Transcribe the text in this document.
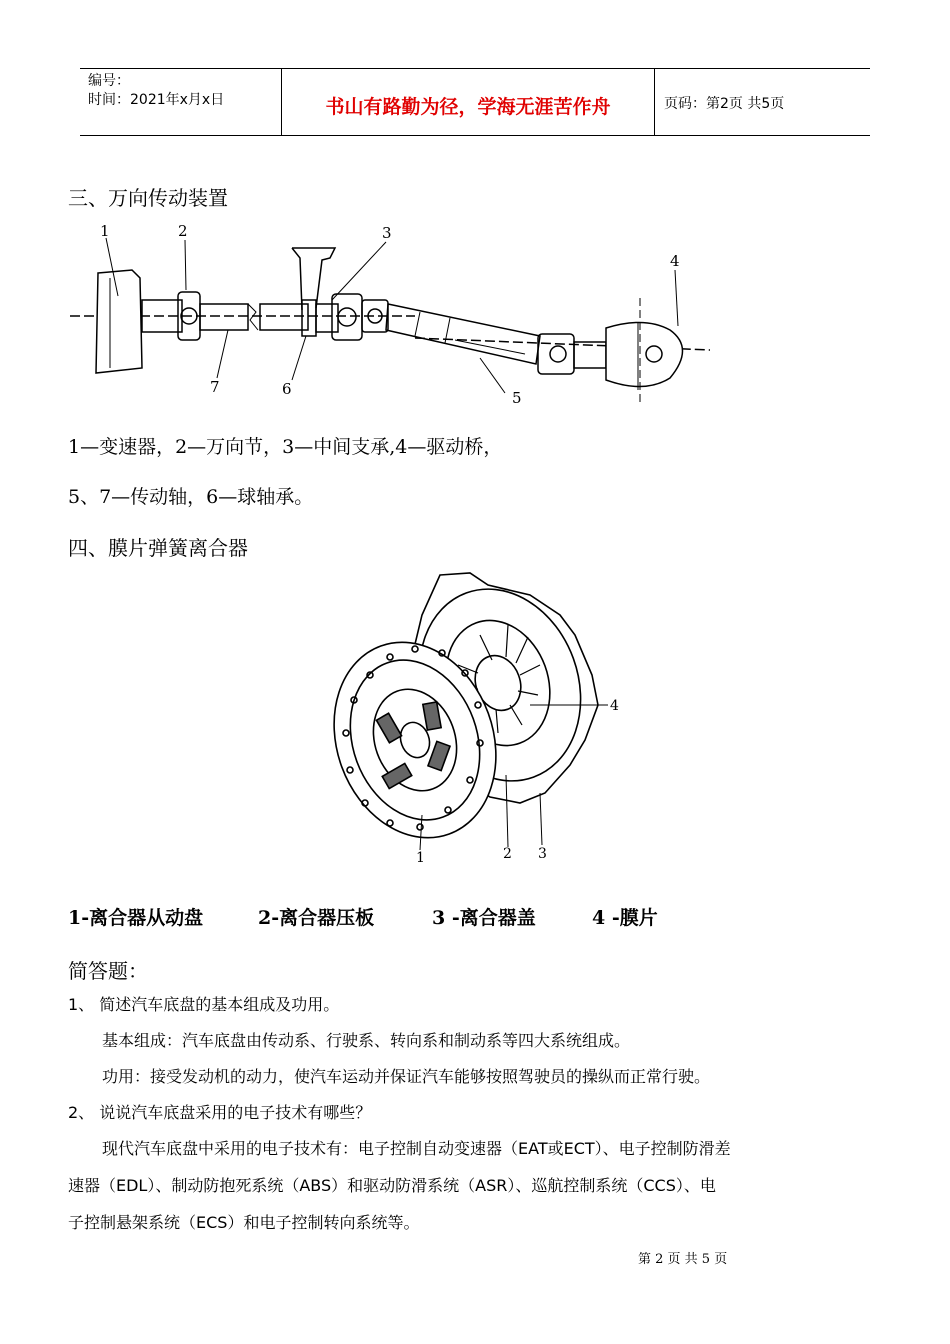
编号：
时间：2021年x月x日	书山有路勤为径，学海无涯苦作舟	页码：第2页 共5页
三、万向传动装置
1	2	3
4
5
6
7
1—变速器，2—万向节，3—中间支承,4—驱动桥，
5、7—传动轴，6—球轴承。
四、膜片弹簧离合器
1	2 3
4
1-离合器从动盘	2-离合器压板	3 -离合器盖	4 -膜片
简答题：
1、 简述汽车底盘的基本组成及功用。
基本组成：汽车底盘由传动系、行驶系、转向系和制动系等四大系统组成。
功用：接受发动机的动力，使汽车运动并保证汽车能够按照驾驶员的操纵而正常行驶。
2、 说说汽车底盘采用的电子技术有哪些？
现代汽车底盘中采用的电子技术有：电子控制自动变速器（EAT或ECT）、电子控制防滑差
速器（EDL）、制动防抱死系统（ABS）和驱动防滑系统（ASR）、巡航控制系统（CCS）、电
子控制悬架系统（ECS）和电子控制转向系统等。
第 2 页 共 5 页
